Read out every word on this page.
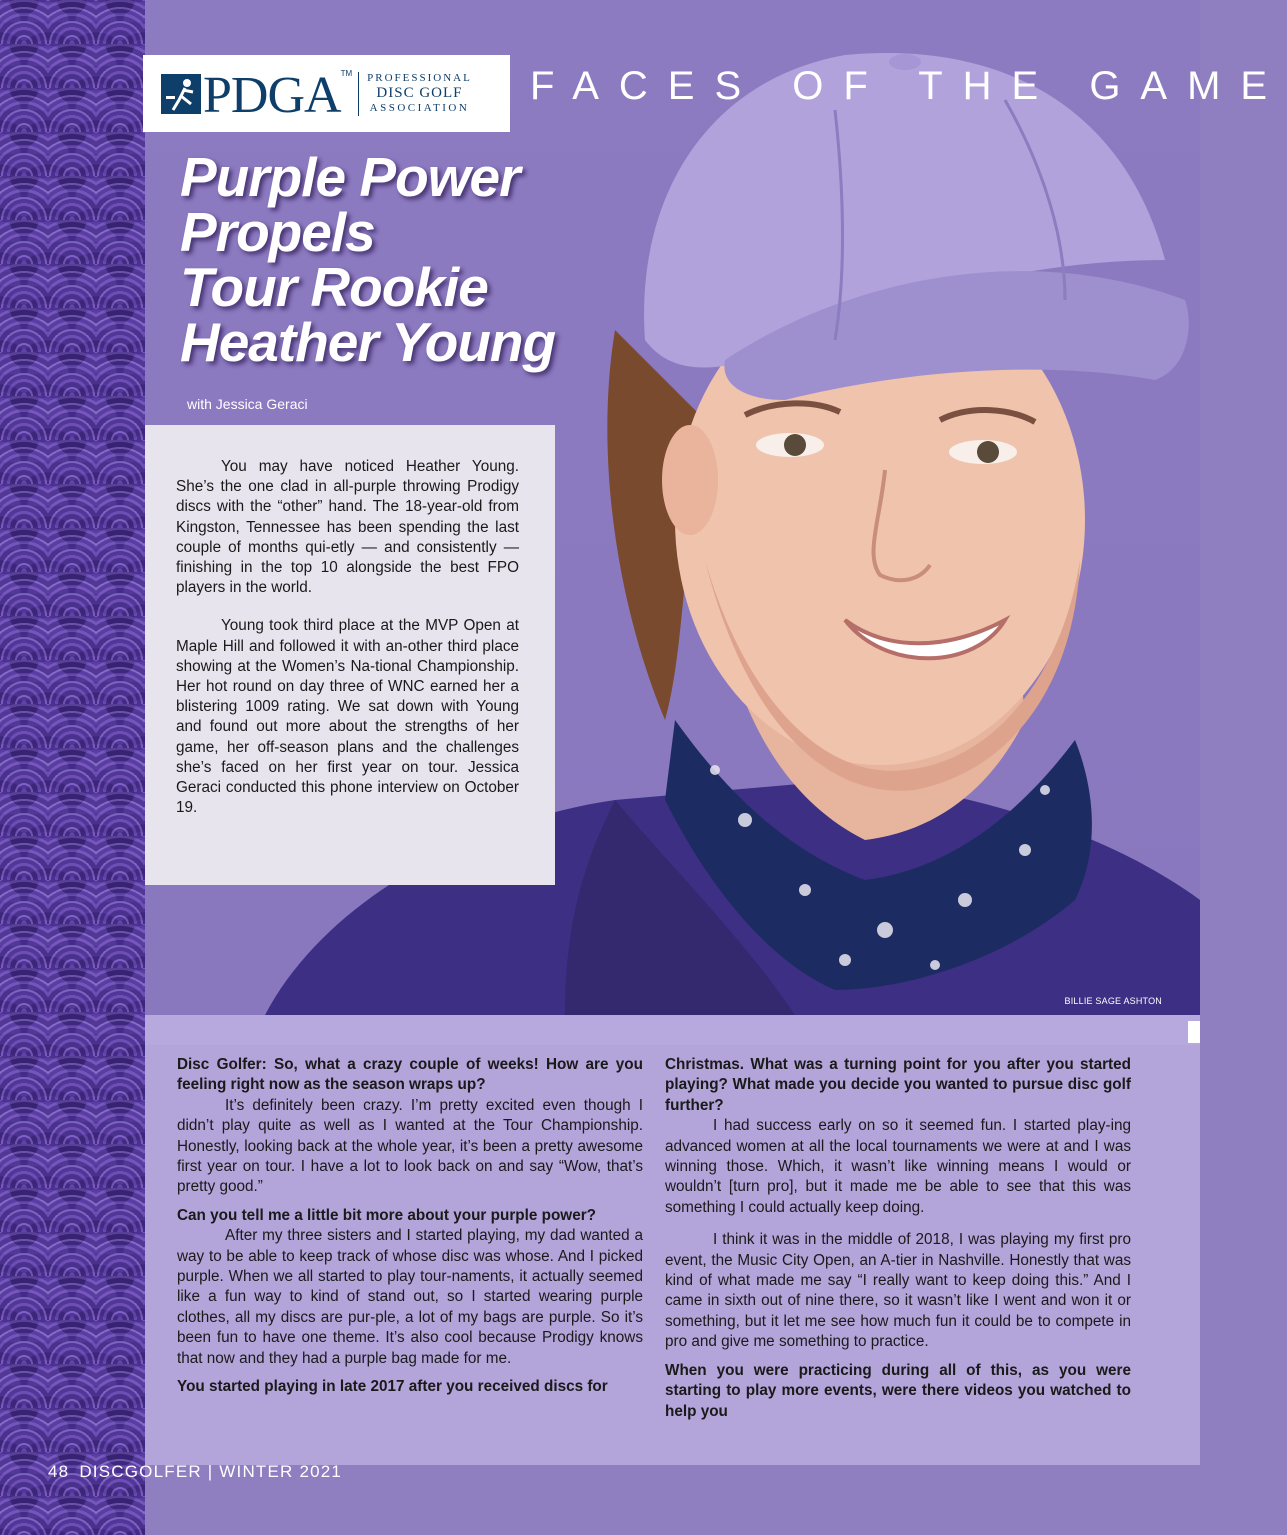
BILLIE SAGE ASHTON
PDGA TM PROFESSIONAL
DISC GOLF
ASSOCIATION FACES OF THE GAME
Purple Power
Propels
Tour Rookie
Heather Young
with Jessica Geraci

You may have noticed Heather Young. She’s the one clad in all-purple throwing Prodigy discs with the “other” hand. The 18-year-old from Kingston, Tennessee has been spending the last couple of months qui-etly — and consistently — finishing in the top 10 alongside the best FPO players in the world.

Young took third place at the MVP Open at Maple Hill and followed it with an-other third place showing at the Women’s Na-tional Championship. Her hot round on day three of WNC earned her a blistering 1009 rating. We sat down with Young and found out more about the strengths of her game, her off-season plans and the challenges she’s faced on her first year on tour. Jessica Geraci conducted this phone interview on October 19.

Disc Golfer: So, what a crazy couple of weeks! How are you feeling right now as the season wraps up?

It’s definitely been crazy. I’m pretty excited even though I didn’t play quite as well as I wanted at the Tour Championship. Honestly, looking back at the whole year, it’s been a pretty awesome first year on tour. I have a lot to look back on and say “Wow, that’s pretty good.”

Can you tell me a little bit more about your purple power?

After my three sisters and I started playing, my dad wanted a way to be able to keep track of whose disc was whose. And I picked purple. When we all started to play tour-naments, it actually seemed like a fun way to kind of stand out, so I started wearing purple clothes, all my discs are pur-ple, a lot of my bags are purple. So it’s been fun to have one theme. It’s also cool because Prodigy knows that now and they had a purple bag made for me.

You started playing in late 2017 after you received discs for

Christmas. What was a turning point for you after you started playing? What made you decide you wanted to pursue disc golf further?

I had success early on so it seemed fun. I started play-ing advanced women at all the local tournaments we were at and I was winning those. Which, it wasn’t like winning means I would or wouldn’t [turn pro], but it made me be able to see that this was something I could actually keep doing.

I think it was in the middle of 2018, I was playing my first pro event, the Music City Open, an A-tier in Nashville. Honestly that was kind of what made me say “I really want to keep doing this.” And I came in sixth out of nine there, so it wasn’t like I went and won it or something, but it let me see how much fun it could be to compete in pro and give me something to practice.

When you were practicing during all of this, as you were starting to play more events, were there videos you watched to help you

48 DISCGOLFER | WINTER 2021
